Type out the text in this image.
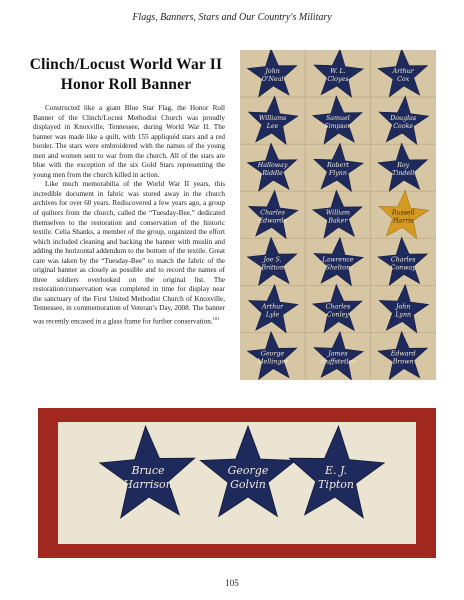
Flags, Banners, Stars and Our Country's Military
Clinch/Locust World War II
Honor Roll Banner

Constructed like a giant Blue Star Flag, the Honor Roll Banner of the Clinch/Locust Methodist Church was proudly displayed in Knoxville, Tennessee, during World War II. The banner was made like a quilt, with 155 appliquéd stars and a red border. The stars were embroidered with the names of the young men and women sent to war from the church. All of the stars are blue with the exception of the six Gold Stars representing the young men from the church killed in action.

Like much memorabilia of the World War II years, this incredible document in fabric was stored away in the church archives for over 60 years. Rediscovered a few years ago, a group of quilters from the church, called the “Tuesday-Bee,” dedicated themselves to the restoration and conservation of the historic textile. Celia Shanks, a member of the group, organized the effort which included cleaning and backing the banner with muslin and adding the horizontal addendum to the bottom of the textile. Great care was taken by the “Tuesday-Bee” to match the fabric of the original banner as closely as possible and to record the names of three soldiers overlooked on the original list. The restoration/conservation was completed in time for display near the sanctuary of the First United Methodist Church of Knoxville, Tennessee, in commemoration of Veteran’s Day, 2008. The banner was recently encased in a glass frame for further conservation.$^{101}$

John
O'Neal
W. L.
Cloyes
Arthur
Cox
Williams
Lee
Samuel
Simpson
Douglas
Cooke
Halloway
Riddle
Robert
Flynn
Roy
Tindell
Charles
Edwards
William
Baker
Russell
Harris
Joe S.
Britton
Lawrence
Shelton
Charles
Conway
Arthur
Lyle
Charles
Conley
John
Lynn
George
Mellinger
James
Huffstetler
Edward
Brown
Bruce
Harrison
George
Golvin
E. J.
Tipton
105
